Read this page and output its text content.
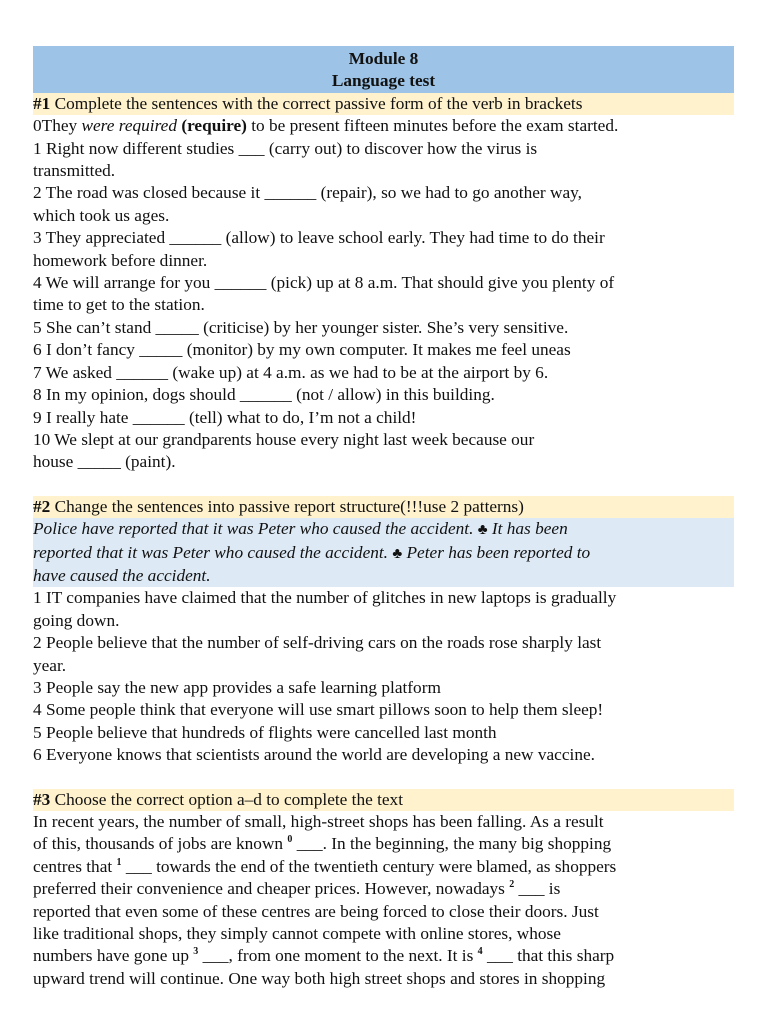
Module 8
Language test
#1 Complete the sentences with the correct passive form of the verb in brackets
0They were required (require) to be present fifteen minutes before the exam started.
1 Right now different studies ___ (carry out) to discover how the virus is
transmitted.
2 The road was closed because it ______ (repair), so we had to go another way,
which took us ages.
3 They appreciated ______ (allow) to leave school early. They had time to do their
homework before dinner.
4 We will arrange for you ______ (pick) up at 8 a.m. That should give you plenty of
time to get to the station.
5 She can’t stand _____ (criticise) by her younger sister. She’s very sensitive.
6 I don’t fancy _____ (monitor) by my own computer. It makes me feel uneas
7 We asked ______ (wake up) at 4 a.m. as we had to be at the airport by 6.
8 In my opinion, dogs should ______ (not / allow) in this building.
9 I really hate ______ (tell) what to do, I’m not a child!
10 We slept at our grandparents house every night last week because our
house _____ (paint).
#2 Change the sentences into passive report structure(!!!use 2 patterns)
Police have reported that it was Peter who caused the accident. ♣ It has been
reported that it was Peter who caused the accident. ♣ Peter has been reported to
have caused the accident.
1 IT companies have claimed that the number of glitches in new laptops is gradually
going down.
2 People believe that the number of self-driving cars on the roads rose sharply last
year.
3 People say the new app provides a safe learning platform
4 Some people think that everyone will use smart pillows soon to help them sleep!
5 People believe that hundreds of flights were cancelled last month
6 Everyone knows that scientists around the world are developing a new vaccine.
#3 Choose the correct option a–d to complete the text
In recent years, the number of small, high-street shops has been falling. As a result
of this, thousands of jobs are known $^0$ ___. In the beginning, the many big shopping
centres that $^1$ ___ towards the end of the twentieth century were blamed, as shoppers
preferred their convenience and cheaper prices. However, nowadays $^2$ ___ is
reported that even some of these centres are being forced to close their doors. Just
like traditional shops, they simply cannot compete with online stores, whose
numbers have gone up $^3$ ___, from one moment to the next. It is $^4$ ___ that this sharp
upward trend will continue. One way both high street shops and stores in shopping
